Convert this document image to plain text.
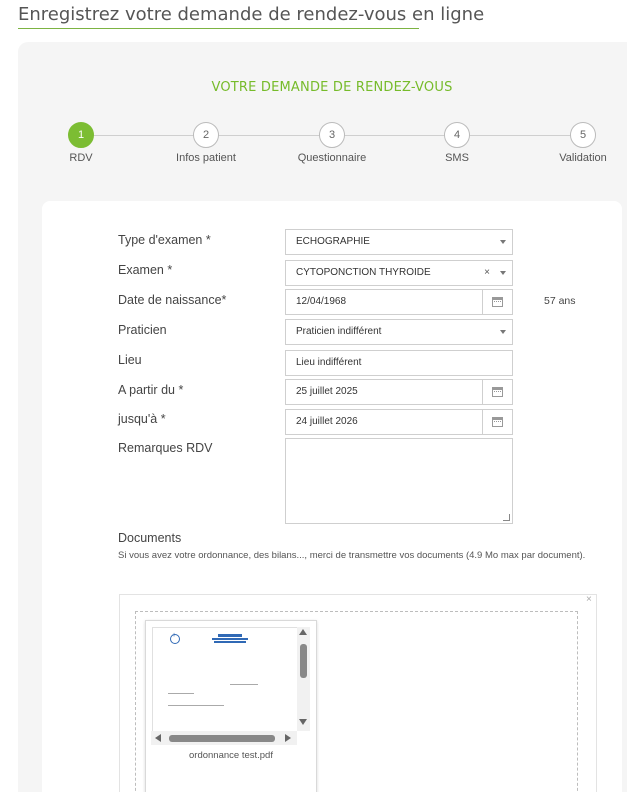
Enregistrez votre demande de rendez-vous en ligne
VOTRE DEMANDE DE RENDEZ-VOUS
1	2	3	4	5
RDV	Infos patient	Questionnaire	SMS	Validation
Type d'examen *	ECHOGRAPHIE
Examen *	CYTOPONCTION THYROIDE	×
Date de naissance*	12/04/1968	57 ans
Praticien	Praticien indifférent
Lieu	Lieu indifférent
A partir du *	25 juillet 2025
jusqu'à *	24 juillet 2026
Remarques RDV
Documents
Si vous avez votre ordonnance, des bilans..., merci de transmettre vos documents (4.9 Mo max par document).
×
+
ordonnance test.pdf
